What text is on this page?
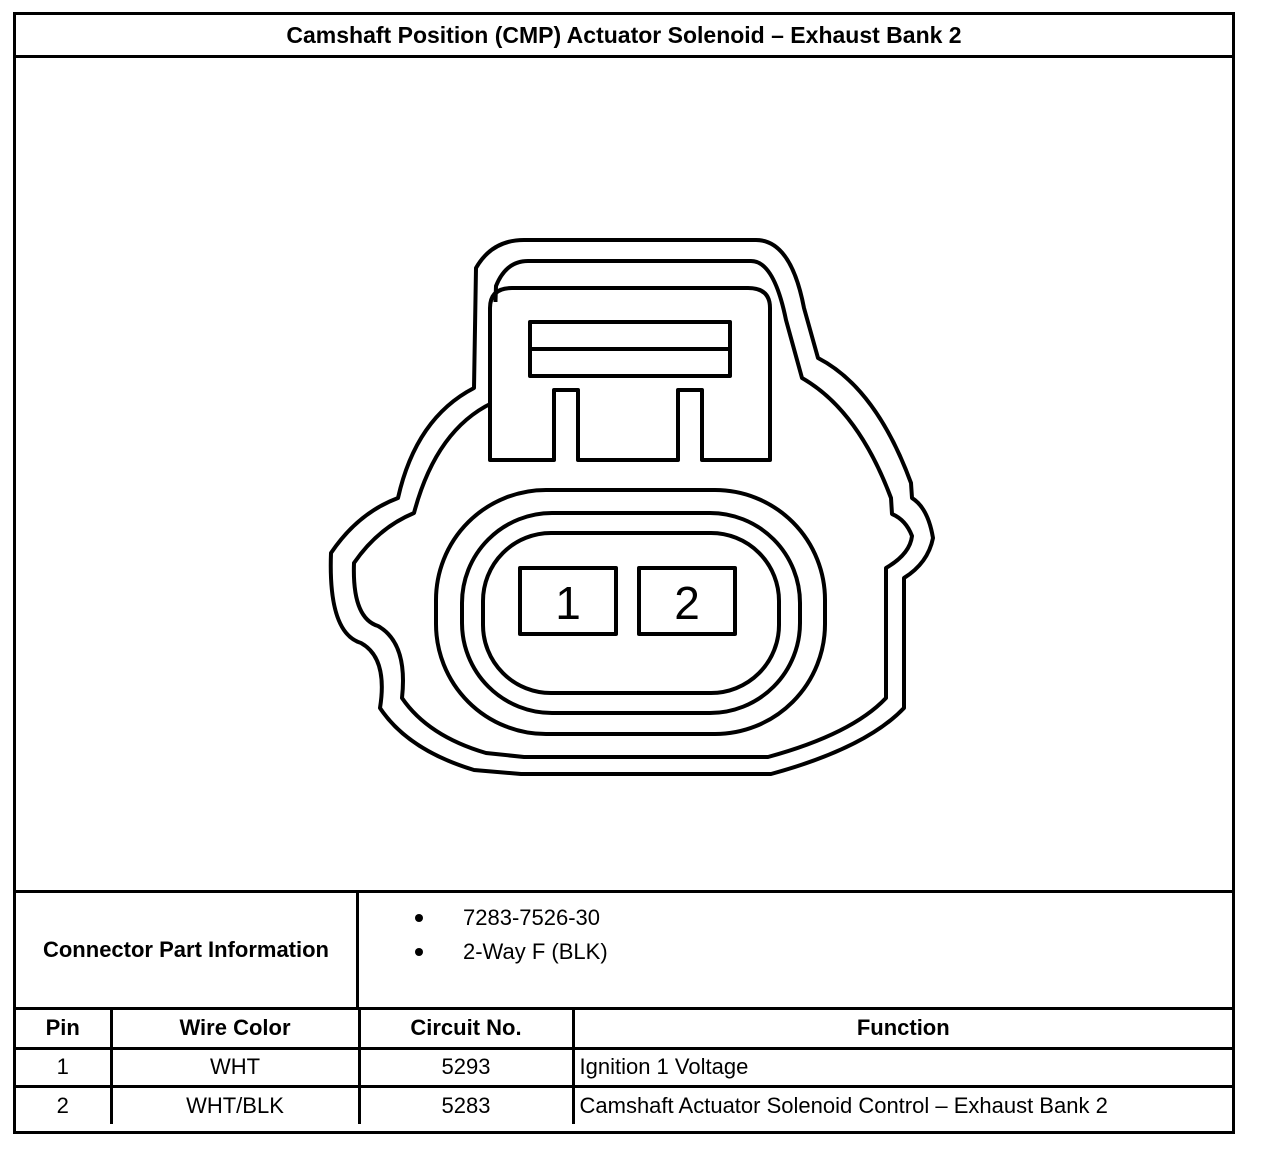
Camshaft Position (CMP) Actuator Solenoid – Exhaust Bank 2
1 2
Connector Part Information
7283-7526-30
2-Way F (BLK)
Pin	Wire Color	Circuit No.	Function
1	WHT	5293	Ignition 1 Voltage
2	WHT/BLK	5283	Camshaft Actuator Solenoid Control – Exhaust Bank 2
